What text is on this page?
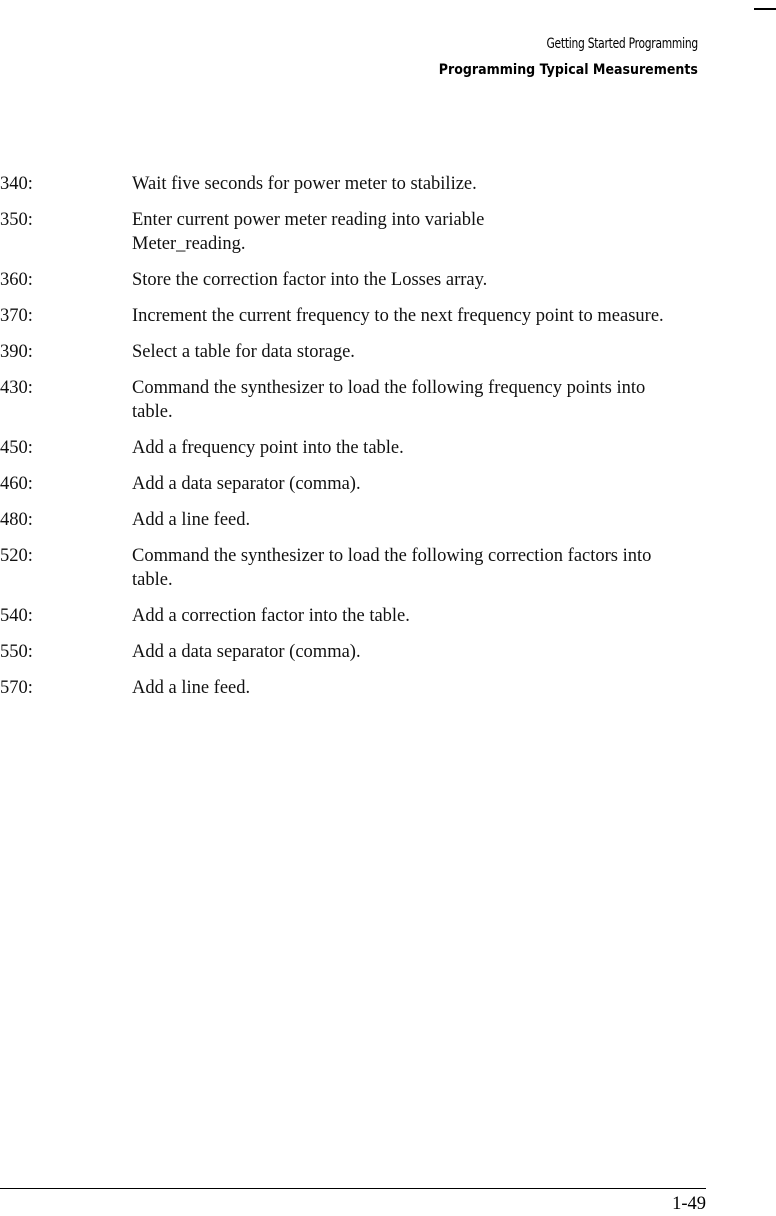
Getting Started Programming
Programming Typical Measurements
340:	Wait five seconds for power meter to stabilize.
350:	Enter current power meter reading into variable Meter_reading.
360:	Store the correction factor into the Losses array.
370:	Increment the current frequency to the next frequency point to measure.
390:	Select a table for data storage.
430:	Command the synthesizer to load the following frequency points into table.
450:	Add a frequency point into the table.
460:	Add a data separator (comma).
480:	Add a line feed.
520:	Command the synthesizer to load the following correction factors into table.
540:	Add a correction factor into the table.
550:	Add a data separator (comma).
570:	Add a line feed.
1-49
